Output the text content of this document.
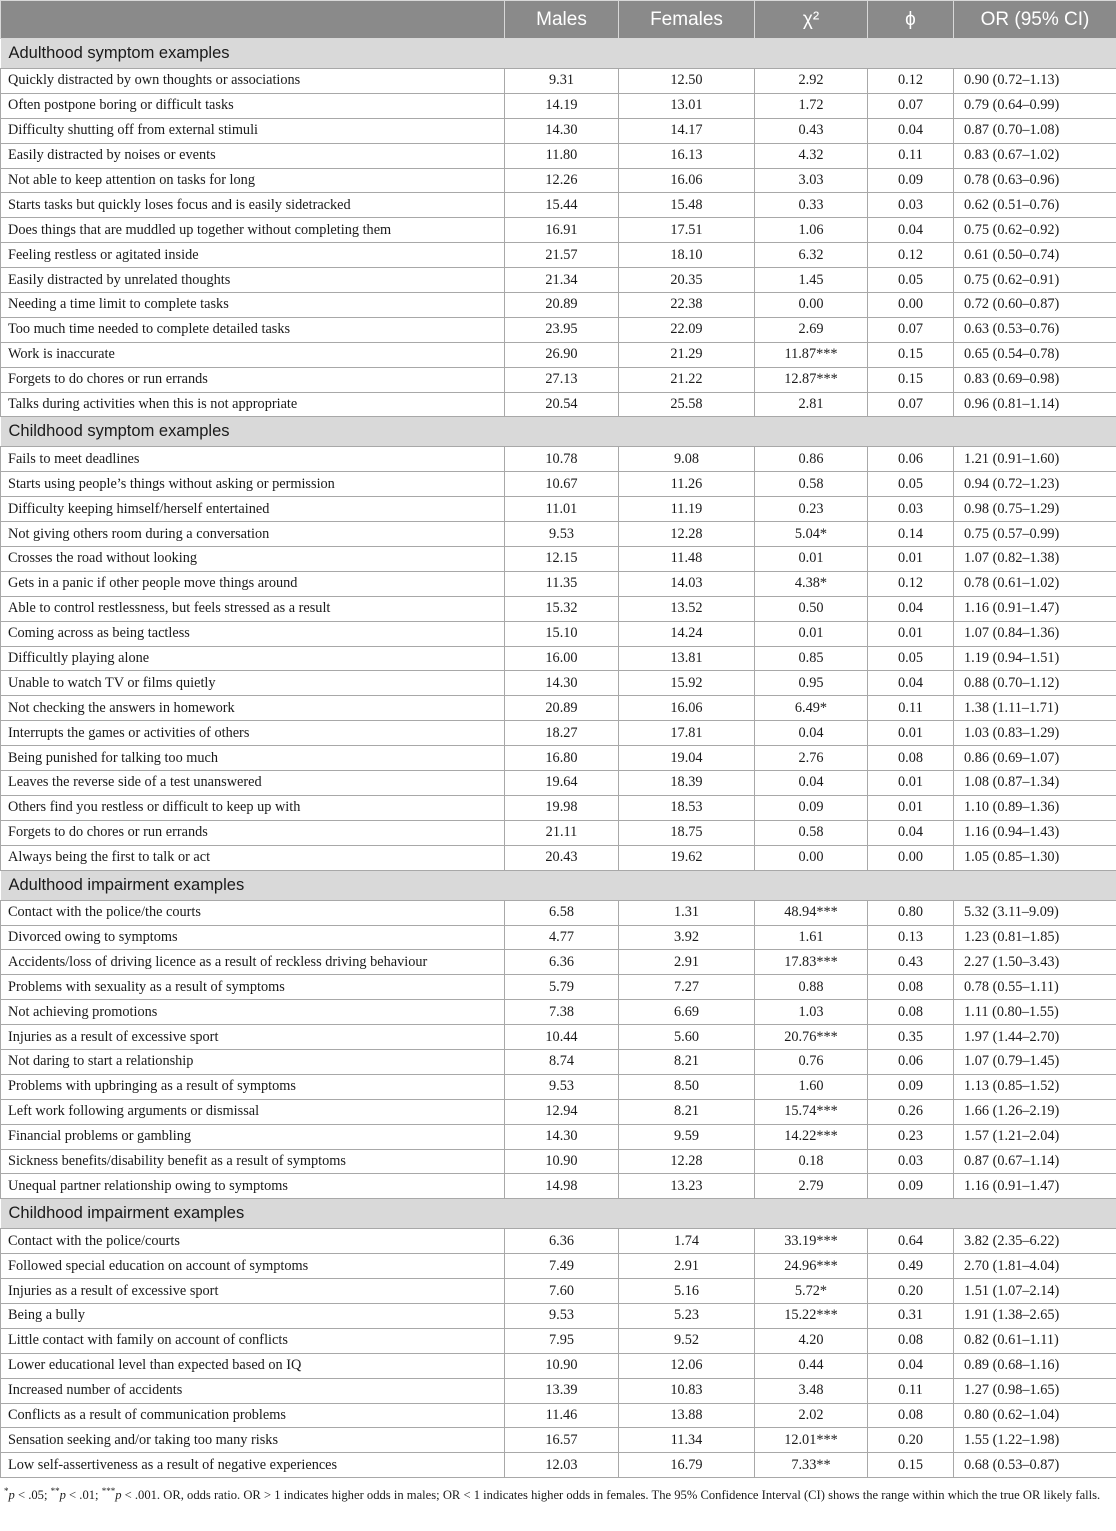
	Males	Females	χ²	ϕ	OR (95% CI)
Adulthood symptom examples					
Quickly distracted by own thoughts or associations	9.31	12.50	2.92	0.12	0.90 (0.72–1.13)
Often postpone boring or difficult tasks	14.19	13.01	1.72	0.07	0.79 (0.64–0.99)
Difficulty shutting off from external stimuli	14.30	14.17	0.43	0.04	0.87 (0.70–1.08)
Easily distracted by noises or events	11.80	16.13	4.32	0.11	0.83 (0.67–1.02)
Not able to keep attention on tasks for long	12.26	16.06	3.03	0.09	0.78 (0.63–0.96)
Starts tasks but quickly loses focus and is easily sidetracked	15.44	15.48	0.33	0.03	0.62 (0.51–0.76)
Does things that are muddled up together without completing them	16.91	17.51	1.06	0.04	0.75 (0.62–0.92)
Feeling restless or agitated inside	21.57	18.10	6.32	0.12	0.61 (0.50–0.74)
Easily distracted by unrelated thoughts	21.34	20.35	1.45	0.05	0.75 (0.62–0.91)
Needing a time limit to complete tasks	20.89	22.38	0.00	0.00	0.72 (0.60–0.87)
Too much time needed to complete detailed tasks	23.95	22.09	2.69	0.07	0.63 (0.53–0.76)
Work is inaccurate	26.90	21.29	11.87***	0.15	0.65 (0.54–0.78)
Forgets to do chores or run errands	27.13	21.22	12.87***	0.15	0.83 (0.69–0.98)
Talks during activities when this is not appropriate	20.54	25.58	2.81	0.07	0.96 (0.81–1.14)
Childhood symptom examples					
Fails to meet deadlines	10.78	9.08	0.86	0.06	1.21 (0.91–1.60)
Starts using people’s things without asking or permission	10.67	11.26	0.58	0.05	0.94 (0.72–1.23)
Difficulty keeping himself/herself entertained	11.01	11.19	0.23	0.03	0.98 (0.75–1.29)
Not giving others room during a conversation	9.53	12.28	5.04*	0.14	0.75 (0.57–0.99)
Crosses the road without looking	12.15	11.48	0.01	0.01	1.07 (0.82–1.38)
Gets in a panic if other people move things around	11.35	14.03	4.38*	0.12	0.78 (0.61–1.02)
Able to control restlessness, but feels stressed as a result	15.32	13.52	0.50	0.04	1.16 (0.91–1.47)
Coming across as being tactless	15.10	14.24	0.01	0.01	1.07 (0.84–1.36)
Difficultly playing alone	16.00	13.81	0.85	0.05	1.19 (0.94–1.51)
Unable to watch TV or films quietly	14.30	15.92	0.95	0.04	0.88 (0.70–1.12)
Not checking the answers in homework	20.89	16.06	6.49*	0.11	1.38 (1.11–1.71)
Interrupts the games or activities of others	18.27	17.81	0.04	0.01	1.03 (0.83–1.29)
Being punished for talking too much	16.80	19.04	2.76	0.08	0.86 (0.69–1.07)
Leaves the reverse side of a test unanswered	19.64	18.39	0.04	0.01	1.08 (0.87–1.34)
Others find you restless or difficult to keep up with	19.98	18.53	0.09	0.01	1.10 (0.89–1.36)
Forgets to do chores or run errands	21.11	18.75	0.58	0.04	1.16 (0.94–1.43)
Always being the first to talk or act	20.43	19.62	0.00	0.00	1.05 (0.85–1.30)
Adulthood impairment examples					
Contact with the police/the courts	6.58	1.31	48.94***	0.80	5.32 (3.11–9.09)
Divorced owing to symptoms	4.77	3.92	1.61	0.13	1.23 (0.81–1.85)
Accidents/loss of driving licence as a result of reckless driving behaviour	6.36	2.91	17.83***	0.43	2.27 (1.50–3.43)
Problems with sexuality as a result of symptoms	5.79	7.27	0.88	0.08	0.78 (0.55–1.11)
Not achieving promotions	7.38	6.69	1.03	0.08	1.11 (0.80–1.55)
Injuries as a result of excessive sport	10.44	5.60	20.76***	0.35	1.97 (1.44–2.70)
Not daring to start a relationship	8.74	8.21	0.76	0.06	1.07 (0.79–1.45)
Problems with upbringing as a result of symptoms	9.53	8.50	1.60	0.09	1.13 (0.85–1.52)
Left work following arguments or dismissal	12.94	8.21	15.74***	0.26	1.66 (1.26–2.19)
Financial problems or gambling	14.30	9.59	14.22***	0.23	1.57 (1.21–2.04)
Sickness benefits/disability benefit as a result of symptoms	10.90	12.28	0.18	0.03	0.87 (0.67–1.14)
Unequal partner relationship owing to symptoms	14.98	13.23	2.79	0.09	1.16 (0.91–1.47)
Childhood impairment examples					
Contact with the police/courts	6.36	1.74	33.19***	0.64	3.82 (2.35–6.22)
Followed special education on account of symptoms	7.49	2.91	24.96***	0.49	2.70 (1.81–4.04)
Injuries as a result of excessive sport	7.60	5.16	5.72*	0.20	1.51 (1.07–2.14)
Being a bully	9.53	5.23	15.22***	0.31	1.91 (1.38–2.65)
Little contact with family on account of conflicts	7.95	9.52	4.20	0.08	0.82 (0.61–1.11)
Lower educational level than expected based on IQ	10.90	12.06	0.44	0.04	0.89 (0.68–1.16)
Increased number of accidents	13.39	10.83	3.48	0.11	1.27 (0.98–1.65)
Conflicts as a result of communication problems	11.46	13.88	2.02	0.08	0.80 (0.62–1.04)
Sensation seeking and/or taking too many risks	16.57	11.34	12.01***	0.20	1.55 (1.22–1.98)
Low self-assertiveness as a result of negative experiences	12.03	16.79	7.33**	0.15	0.68 (0.53–0.87)
*p < .05; **p < .01; ***p < .001. OR, odds ratio. OR > 1 indicates higher odds in males; OR < 1 indicates higher odds in females. The 95% Confidence Interval (CI) shows the range within which the true OR likely falls.
